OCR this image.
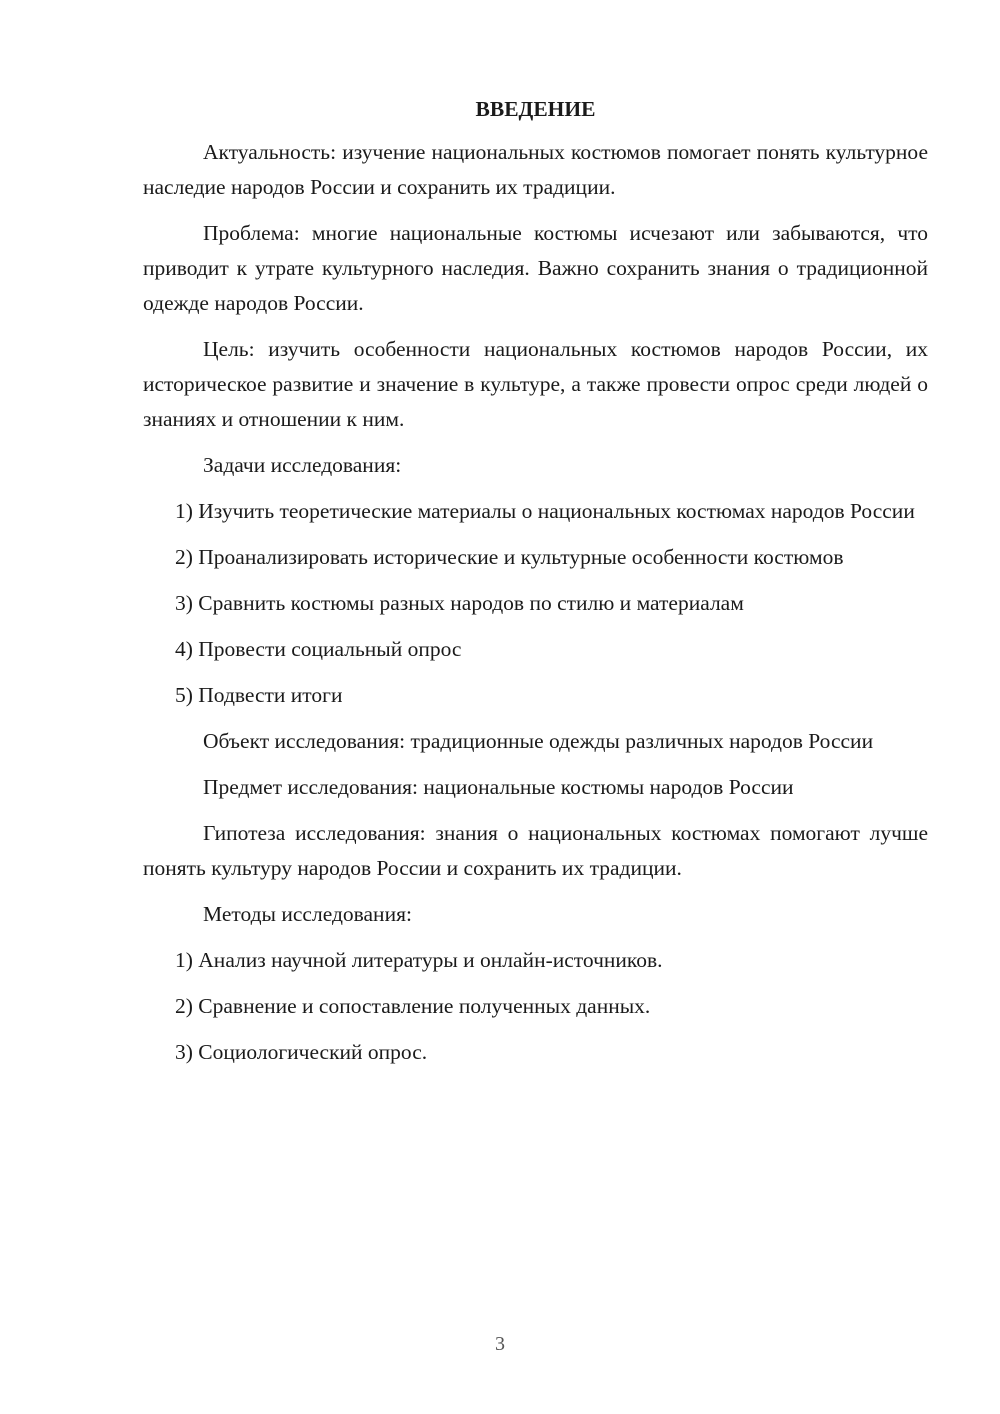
ВВЕДЕНИЕ

Актуальность: изучение национальных костюмов помогает понять культурное наследие народов России и сохранить их традиции.

Проблема: многие национальные костюмы исчезают или забываются, что приводит к утрате культурного наследия. Важно сохранить знания о традиционной одежде народов России.

Цель: изучить особенности национальных костюмов народов России, их историческое развитие и значение в культуре, а также провести опрос среди людей о знаниях и отношении к ним.

Задачи исследования:

1) Изучить теоретические материалы о национальных костюмах народов России

2) Проанализировать исторические и культурные особенности костюмов

3) Сравнить костюмы разных народов по стилю и материалам

4) Провести социальный опрос

5) Подвести итоги

Объект исследования: традиционные одежды различных народов России

Предмет исследования: национальные костюмы народов России

Гипотеза исследования: знания о национальных костюмах помогают лучше понять культуру народов России и сохранить их традиции.

Методы исследования:

1) Анализ научной литературы и онлайн-источников.

2) Сравнение и сопоставление полученных данных.

3) Социологический опрос.

3
